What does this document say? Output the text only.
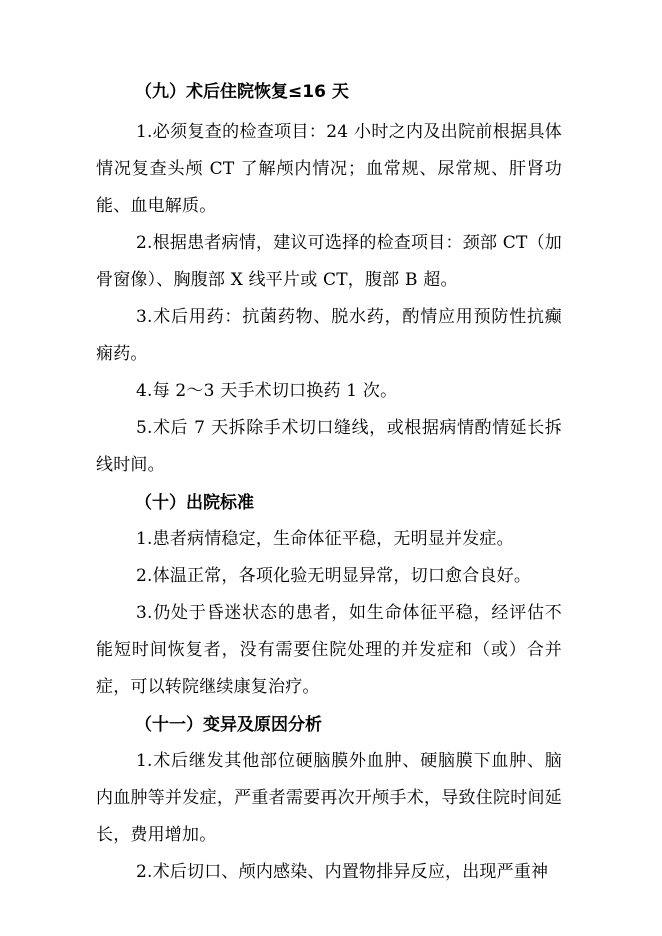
（九）术后住院恢复≤16 天
1.必须复查的检查项目：24 小时之内及出院前根据具体情况复查头颅 CT 了解颅内情况；血常规、尿常规、肝肾功能、血电解质。
2.根据患者病情，建议可选择的检查项目：颈部 CT（加骨窗像）、胸腹部 X 线平片或 CT，腹部 B 超。
3.术后用药：抗菌药物、脱水药，酌情应用预防性抗癫痫药。
4.每 2～3 天手术切口换药 1 次。
5.术后 7 天拆除手术切口缝线，或根据病情酌情延长拆线时间。
（十）出院标准
1.患者病情稳定，生命体征平稳，无明显并发症。
2.体温正常，各项化验无明显异常，切口愈合良好。
3.仍处于昏迷状态的患者，如生命体征平稳，经评估不能短时间恢复者，没有需要住院处理的并发症和（或）合并症，可以转院继续康复治疗。
（十一）变异及原因分析
1.术后继发其他部位硬脑膜外血肿、硬脑膜下血肿、脑内血肿等并发症，严重者需要再次开颅手术，导致住院时间延长，费用增加。
2.术后切口、颅内感染、内置物排异反应，出现严重神
